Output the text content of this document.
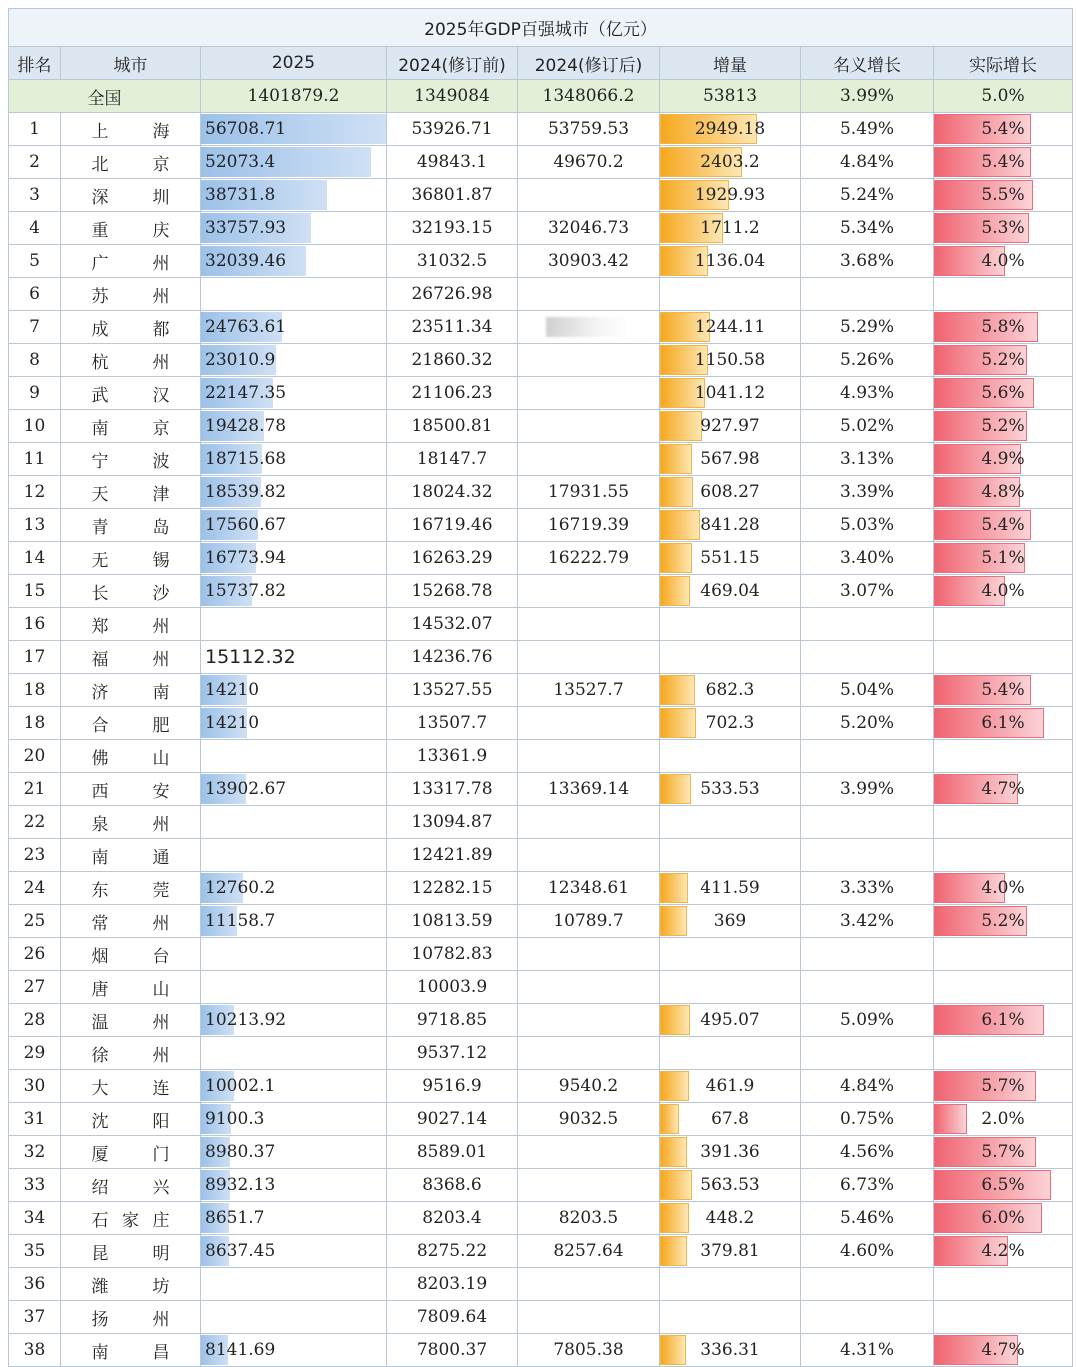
2025年GDP百强城市（亿元）							
排名	城市	2025	2024(修订前)	2024(修订后)	增量	名义增长	实际增长
全国		1401879.2	1349084	1348066.2	53813	3.99%	5.0%
1	上海	56708.71	53926.71	53759.53	2949.18	5.49%	5.4%
2	北京	52073.4	49843.1	49670.2	2403.2	4.84%	5.4%
3	深圳	38731.8	36801.87		1929.93	5.24%	5.5%
4	重庆	33757.93	32193.15	32046.73	1711.2	5.34%	5.3%
5	广州	32039.46	31032.5	30903.42	1136.04	3.68%	4.0%
6	苏州		26726.98				
7	成都	24763.61	23511.34		1244.11	5.29%	5.8%
8	杭州	23010.9	21860.32		1150.58	5.26%	5.2%
9	武汉	22147.35	21106.23		1041.12	4.93%	5.6%
10	南京	19428.78	18500.81		927.97	5.02%	5.2%
11	宁波	18715.68	18147.7		567.98	3.13%	4.9%
12	天津	18539.82	18024.32	17931.55	608.27	3.39%	4.8%
13	青岛	17560.67	16719.46	16719.39	841.28	5.03%	5.4%
14	无锡	16773.94	16263.29	16222.79	551.15	3.40%	5.1%
15	长沙	15737.82	15268.78		469.04	3.07%	4.0%
16	郑州		14532.07				
17	福州	15112.32	14236.76				
18	济南	14210	13527.55	13527.7	682.3	5.04%	5.4%
18	合肥	14210	13507.7		702.3	5.20%	6.1%
20	佛山		13361.9				
21	西安	13902.67	13317.78	13369.14	533.53	3.99%	4.7%
22	泉州		13094.87				
23	南通		12421.89				
24	东莞	12760.2	12282.15	12348.61	411.59	3.33%	4.0%
25	常州	11158.7	10813.59	10789.7	369	3.42%	5.2%
26	烟台		10782.83				
27	唐山		10003.9				
28	温州	10213.92	9718.85		495.07	5.09%	6.1%
29	徐州		9537.12				
30	大连	10002.1	9516.9	9540.2	461.9	4.84%	5.7%
31	沈阳	9100.3	9027.14	9032.5	67.8	0.75%	2.0%
32	厦门	8980.37	8589.01		391.36	4.56%	5.7%
33	绍兴	8932.13	8368.6		563.53	6.73%	6.5%
34	石家庄	8651.7	8203.4	8203.5	448.2	5.46%	6.0%
35	昆明	8637.45	8275.22	8257.64	379.81	4.60%	4.2%
36	潍坊		8203.19				
37	扬州		7809.64				
38	南昌	8141.69	7800.37	7805.38	336.31	4.31%	4.7%
